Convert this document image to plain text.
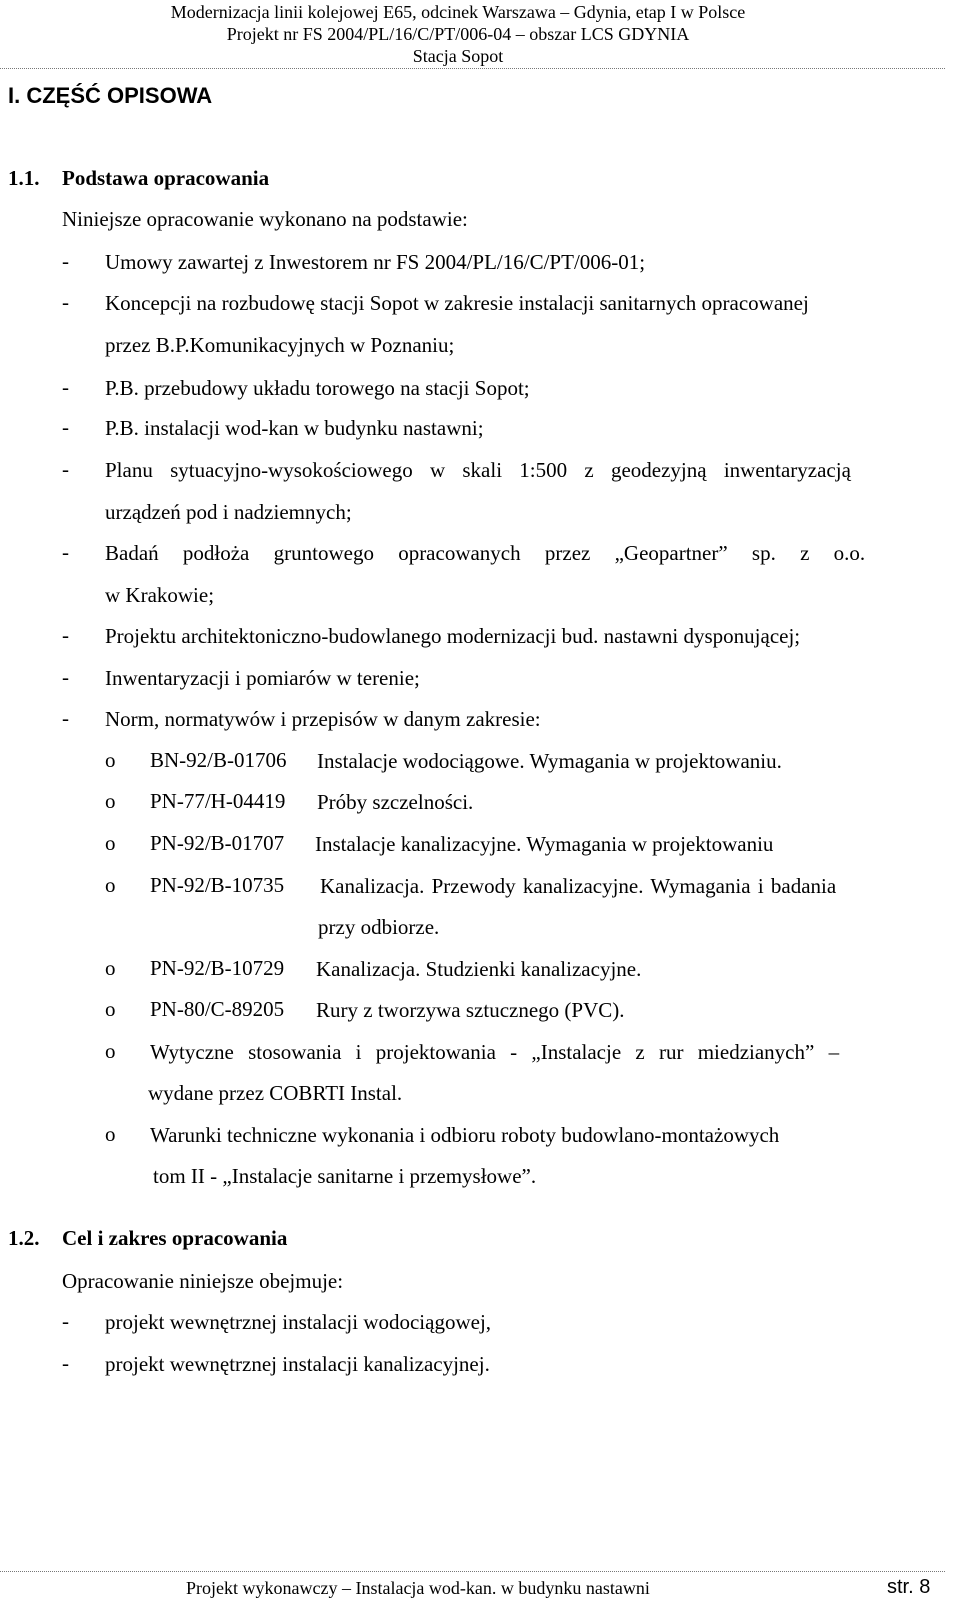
Modernizacja linii kolejowej E65, odcinek Warszawa – Gdynia, etap I w Polsce
Projekt nr FS 2004/PL/16/C/PT/006-04 – obszar LCS GDYNIA
Stacja Sopot
I. CZĘŚĆ OPISOWA
1.1. Podstawa opracowania
Niniejsze opracowanie wykonano na podstawie:
- Umowy zawartej z Inwestorem nr FS 2004/PL/16/C/PT/006-01;
- Koncepcji na rozbudowę stacji Sopot w zakresie instalacji sanitarnych opracowanej
przez B.P.Komunikacyjnych w Poznaniu;
- P.B. przebudowy układu torowego na stacji Sopot;
- P.B. instalacji wod-kan w budynku nastawni;
- Planu sytuacyjno-wysokościowego w skali 1:500 z geodezyjną inwentaryzacją
urządzeń pod i nadziemnych;
- Badań podłoża gruntowego opracowanych przez „Geopartner” sp. z o.o.
w Krakowie;
- Projektu architektoniczno-budowlanego modernizacji bud. nastawni dysponującej;
- Inwentaryzacji i pomiarów w terenie;
- Norm, normatywów i przepisów w danym zakresie:
o BN-92/B-01706 Instalacje wodociągowe. Wymagania w projektowaniu.
o PN-77/H-04419 Próby szczelności.
o PN-92/B-01707 Instalacje kanalizacyjne. Wymagania w projektowaniu
o PN-92/B-10735 Kanalizacja. Przewody kanalizacyjne. Wymagania i badania
przy odbiorze.
o PN-92/B-10729 Kanalizacja. Studzienki kanalizacyjne.
o PN-80/C-89205 Rury z tworzywa sztucznego (PVC).
o Wytyczne stosowania i projektowania - „Instalacje z rur miedzianych” –
wydane przez COBRTI Instal.
o Warunki techniczne wykonania i odbioru roboty budowlano-montażowych
tom II - „Instalacje sanitarne i przemysłowe”.
1.2. Cel i zakres opracowania
Opracowanie niniejsze obejmuje:
- projekt wewnętrznej instalacji wodociągowej,
- projekt wewnętrznej instalacji kanalizacyjnej.
Projekt wykonawczy – Instalacja wod-kan. w budynku nastawni	str. 8
